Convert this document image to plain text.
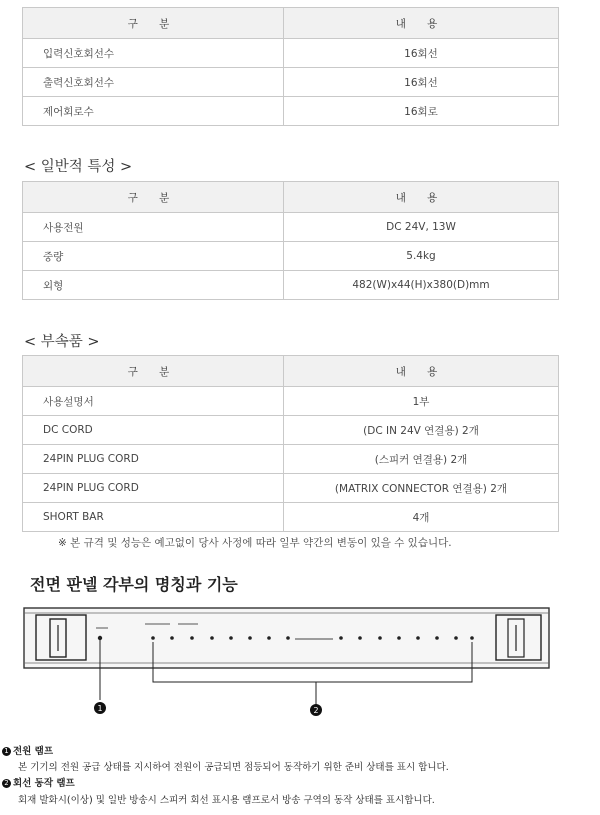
구 분	내 용
입력신호회선수	16회선
출력신호회선수	16회선
제어회로수	16회로
< 일반적 특성 >
구 분	내 용
사용전원	DC 24V, 13W
중량	5.4kg
외형	482(W)x44(H)x380(D)mm
< 부속품 >
구 분	내 용
사용설명서	1부
DC CORD	(DC IN 24V 연결용) 2개
24PIN PLUG CORD	(스피커 연결용) 2개
24PIN PLUG CORD	(MATRIX CONNECTOR 연결용) 2개
SHORT BAR	4개
※ 본 규격 및 성능은 예고없이 당사 사정에 따라 일부 약간의 변동이 있을 수 있습니다.
전면 판넬 각부의 명칭과 기능
1	2
1 전원 램프
본 기기의 전원 공급 상태를 지시하여 전원이 공급되면 점등되어 동작하기 위한 준비 상태를 표시 합니다.
2 회선 동작 램프
회재 발화시(이상) 및 일반 방송시 스피커 회선 표시용 램프로서 방송 구역의 동작 상태를 표시합니다.
